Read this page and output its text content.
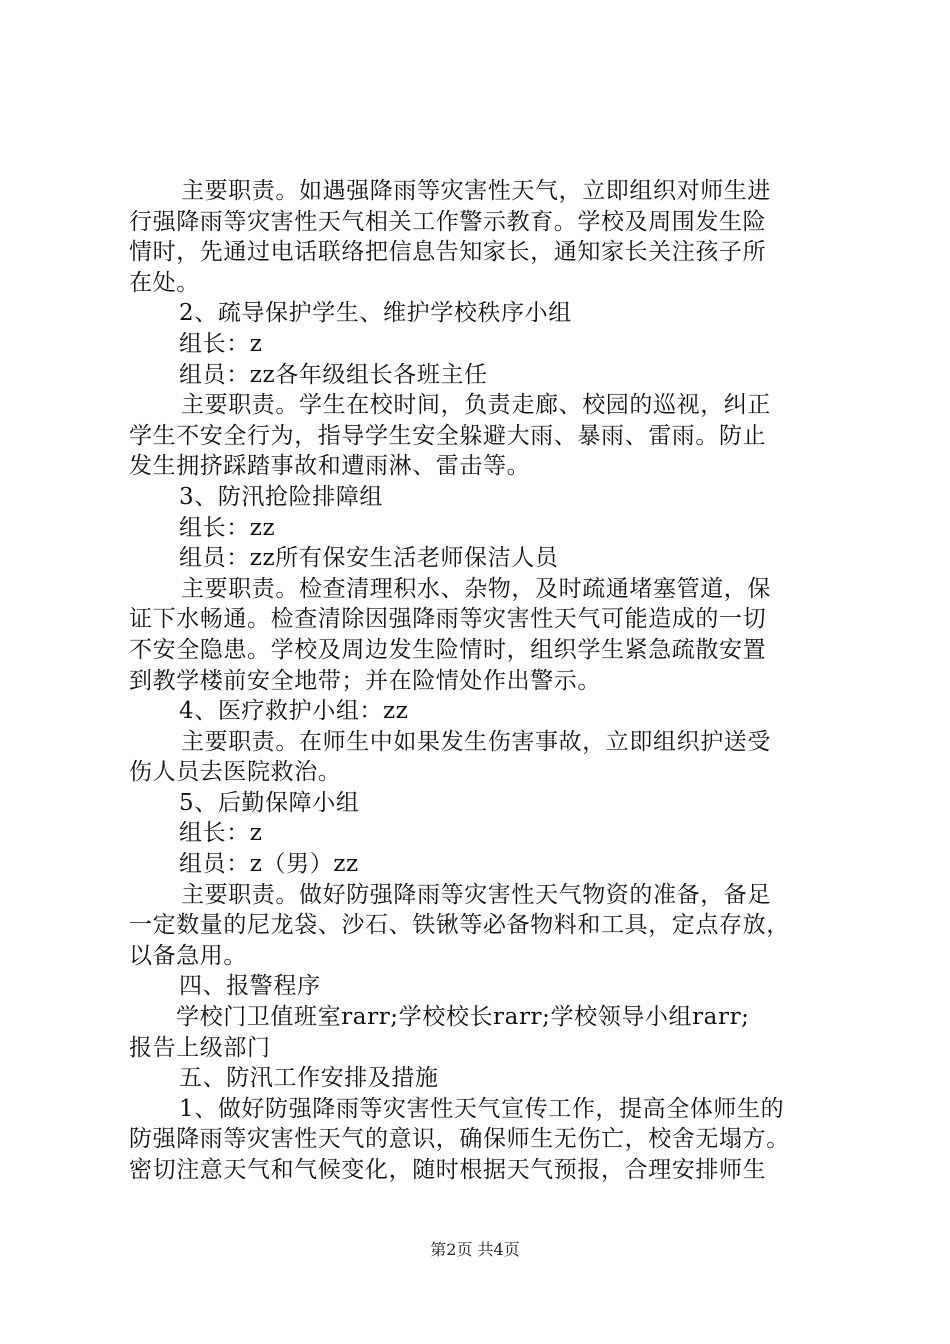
主要职责。如遇强降雨等灾害性天气，立即组织对师生进
行强降雨等灾害性天气相关工作警示教育。学校及周围发生险
情时，先通过电话联络把信息告知家长，通知家长关注孩子所
在处。
2、疏导保护学生、维护学校秩序小组
组长：z
组员：zz各年级组长各班主任
主要职责。学生在校时间，负责走廊、校园的巡视，纠正
学生不安全行为，指导学生安全躲避大雨、暴雨、雷雨。防止
发生拥挤踩踏事故和遭雨淋、雷击等。
3、防汛抢险排障组
组长：zz
组员：zz所有保安生活老师保洁人员
主要职责。检查清理积水、杂物，及时疏通堵塞管道，保
证下水畅通。检查清除因强降雨等灾害性天气可能造成的一切
不安全隐患。学校及周边发生险情时，组织学生紧急疏散安置
到教学楼前安全地带；并在险情处作出警示。
4、医疗救护小组：zz
主要职责。在师生中如果发生伤害事故，立即组织护送受
伤人员去医院救治。
5、后勤保障小组
组长：z
组员：z（男）zz
主要职责。做好防强降雨等灾害性天气物资的准备，备足
一定数量的尼龙袋、沙石、铁锹等必备物料和工具，定点存放，
以备急用。
四、报警程序
学校门卫值班室rarr;学校校长rarr;学校领导小组rarr;
报告上级部门
五、防汛工作安排及措施
1、做好防强降雨等灾害性天气宣传工作，提高全体师生的
防强降雨等灾害性天气的意识，确保师生无伤亡，校舍无塌方。
密切注意天气和气候变化，随时根据天气预报，合理安排师生
第2页 共4页
